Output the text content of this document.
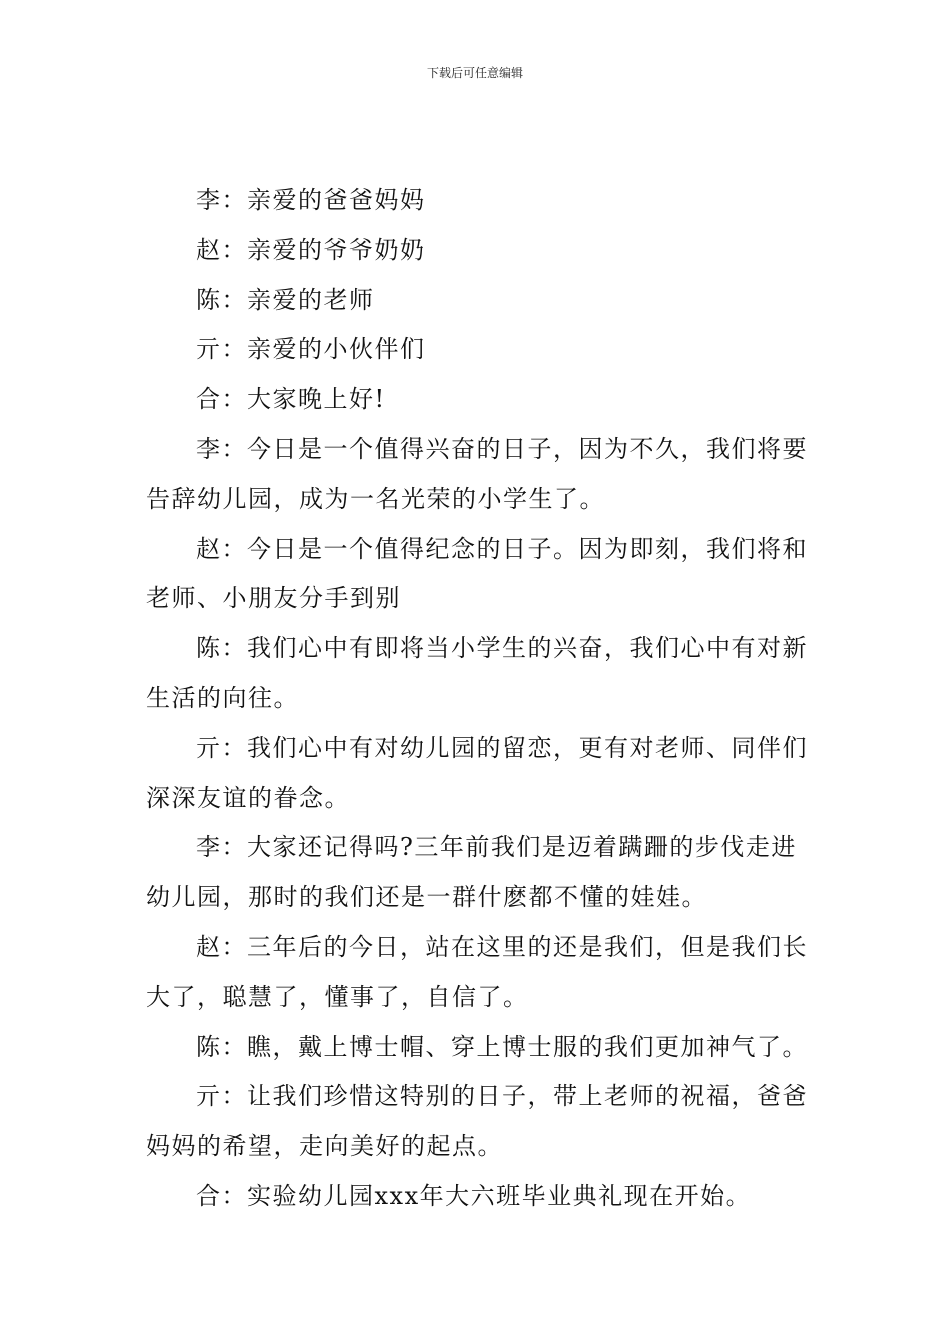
下载后可任意编辑

李：亲爱的爸爸妈妈

赵：亲爱的爷爷奶奶

陈：亲爱的老师

亓：亲爱的小伙伴们

合：大家晚上好!

李：今日是一个值得兴奋的日子，因为不久，我们将要告辞幼儿园，成为一名光荣的小学生了。

赵：今日是一个值得纪念的日子。因为即刻，我们将和老师、小朋友分手到别

陈：我们心中有即将当小学生的兴奋，我们心中有对新生活的向往。

亓：我们心中有对幼儿园的留恋，更有对老师、同伴们深深友谊的眷念。

李：大家还记得吗?三年前我们是迈着蹒跚的步伐走进幼儿园，那时的我们还是一群什麽都不懂的娃娃。

赵：三年后的今日，站在这里的还是我们，但是我们长大了，聪慧了，懂事了，自信了。

陈：瞧，戴上博士帽、穿上博士服的我们更加神气了。

亓：让我们珍惜这特别的日子，带上老师的祝福，爸爸妈妈的希望，走向美好的起点。

合：实验幼儿园xxx年大六班毕业典礼现在开始。
